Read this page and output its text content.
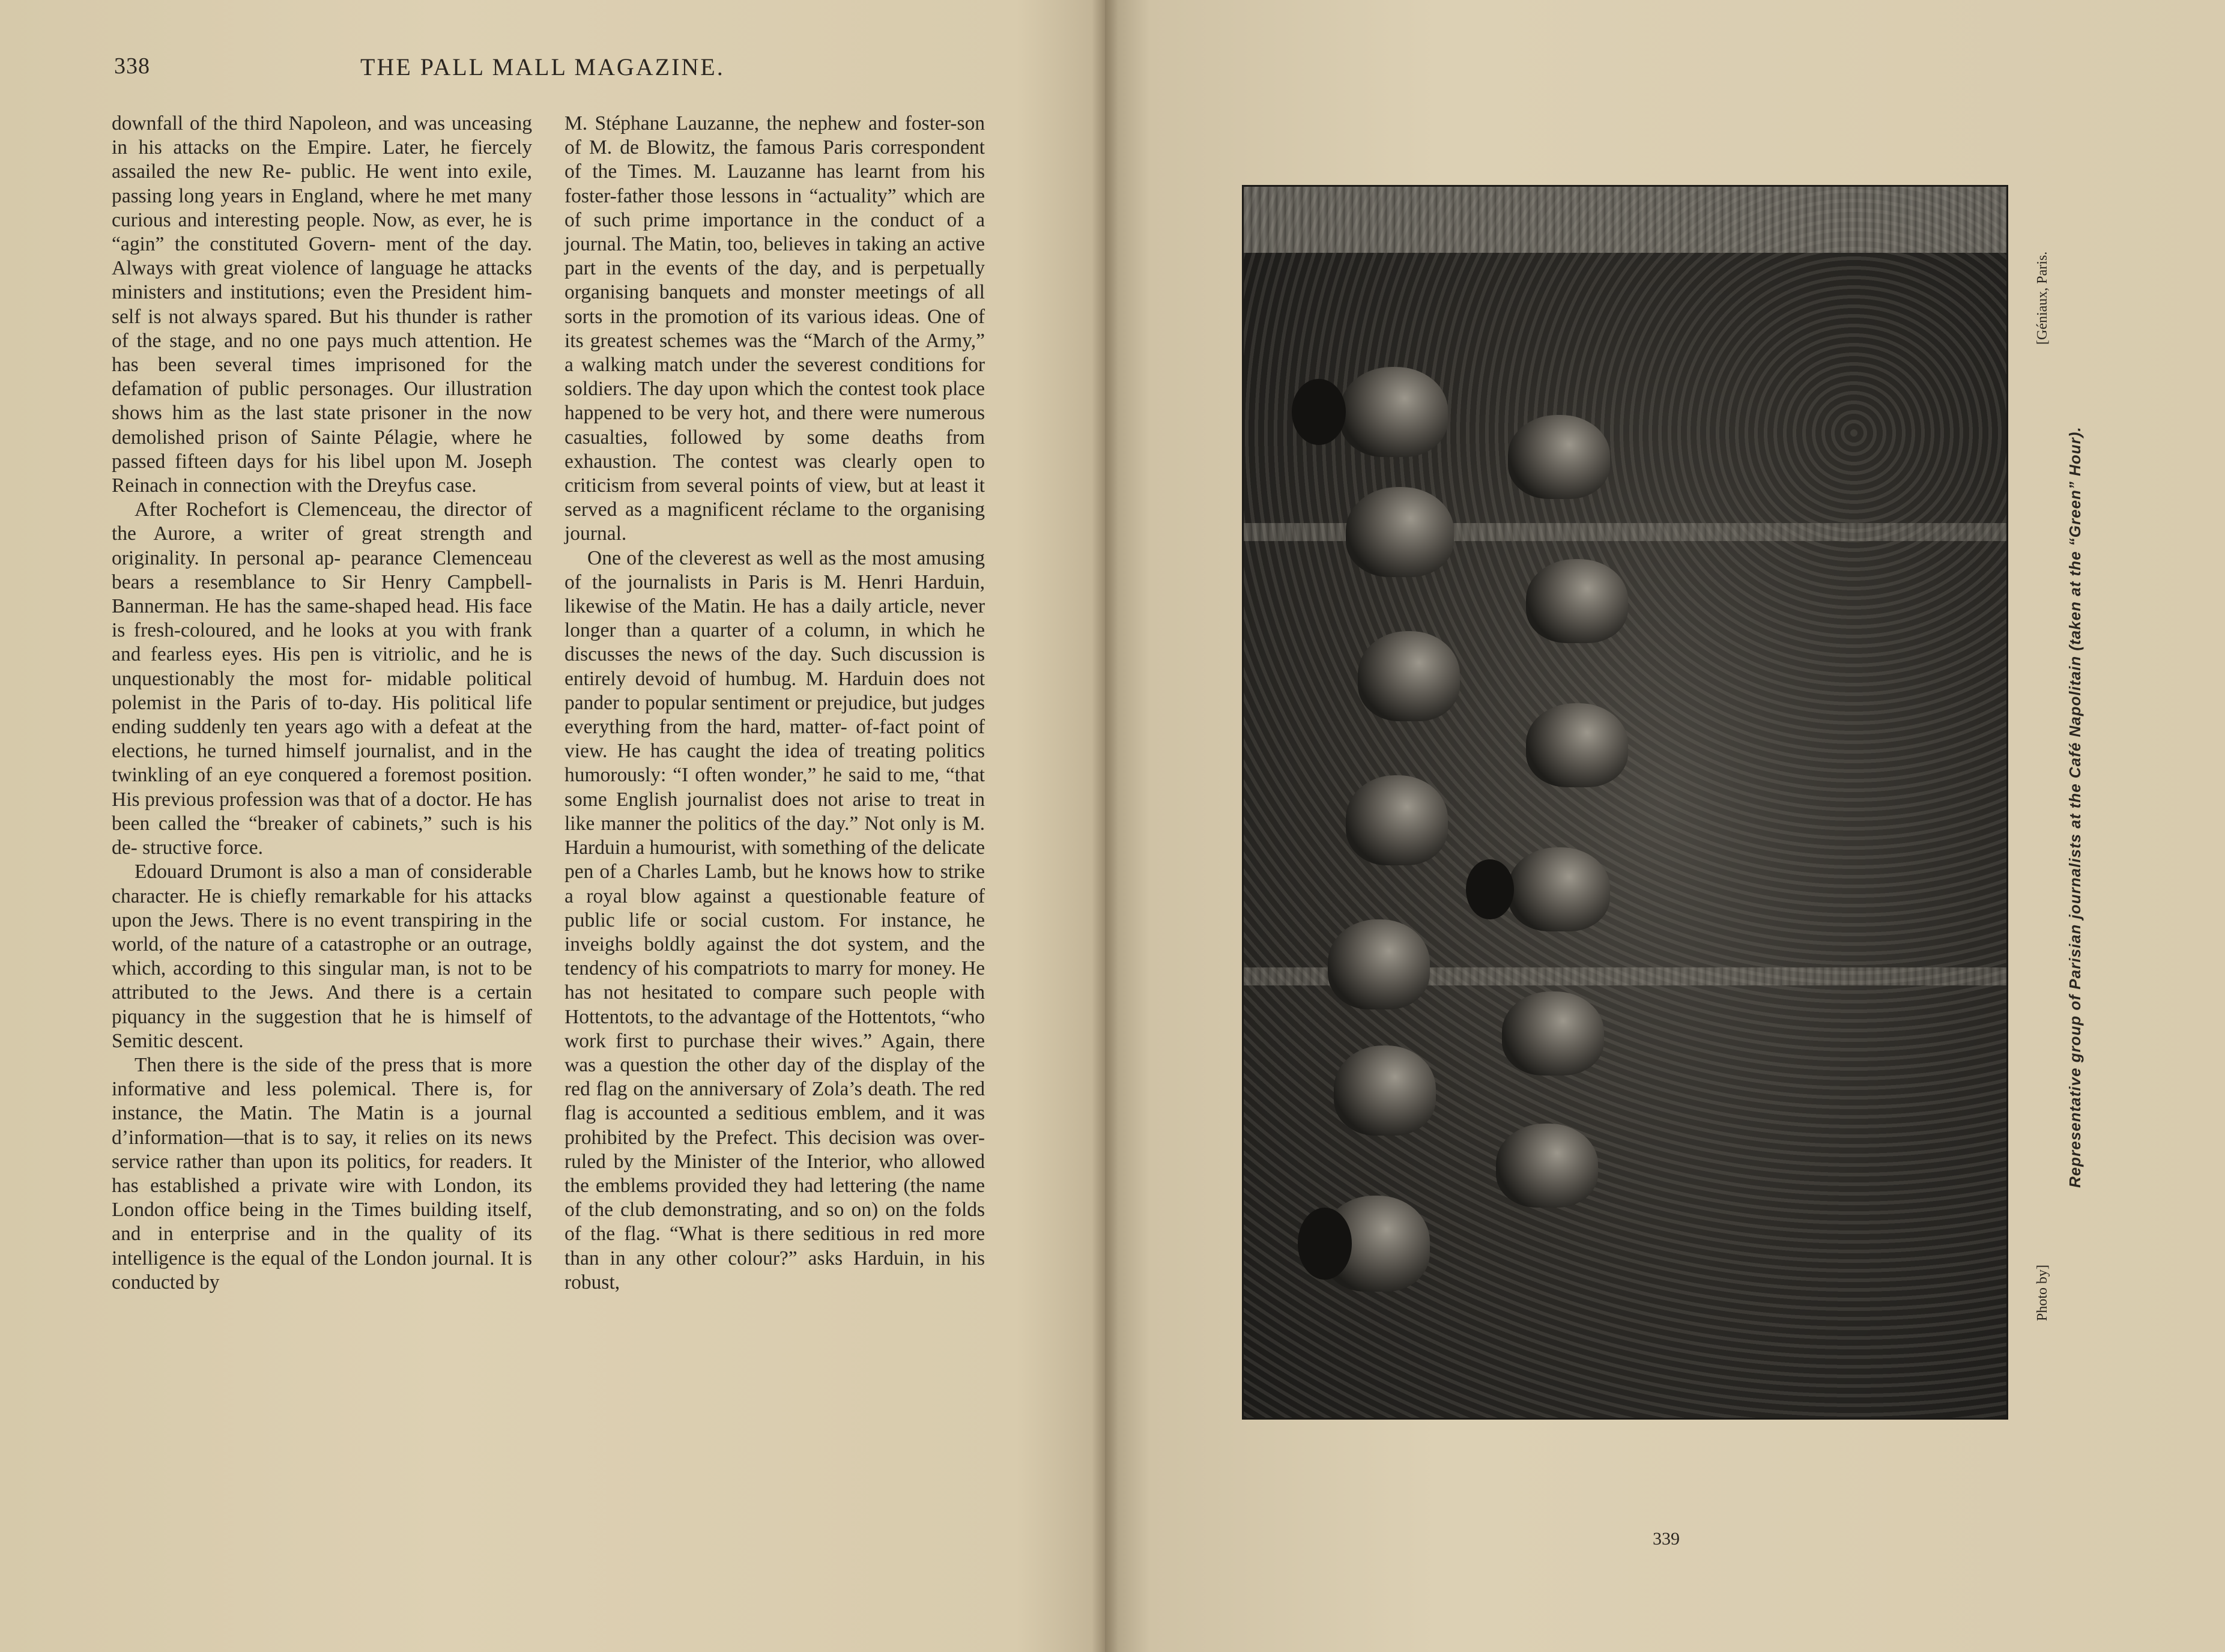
338	THE PALL MALL MAGAZINE.

downfall of the third Napoleon, and was unceasing in his attacks on the Empire. Later, he fiercely assailed the new Re- public. He went into exile, passing long years in England, where he met many curious and interesting people. Now, as ever, he is “agin” the constituted Govern- ment of the day. Always with great violence of language he attacks ministers and institutions; even the President him- self is not always spared. But his thunder is rather of the stage, and no one pays much attention. He has been several times imprisoned for the defamation of public personages. Our illustration shows him as the last state prisoner in the now demolished prison of Sainte Pélagie, where he passed fifteen days for his libel upon M. Joseph Reinach in connection with the Dreyfus case.

After Rochefort is Clemenceau, the director of the Aurore, a writer of great strength and originality. In personal ap- pearance Clemenceau bears a resemblance to Sir Henry Campbell-Bannerman. He has the same-shaped head. His face is fresh-coloured, and he looks at you with frank and fearless eyes. His pen is vitriolic, and he is unquestionably the most for- midable political polemist in the Paris of to-day. His political life ending suddenly ten years ago with a defeat at the elections, he turned himself journalist, and in the twinkling of an eye conquered a foremost position. His previous profession was that of a doctor. He has been called the “breaker of cabinets,” such is his de- structive force.

Edouard Drumont is also a man of considerable character. He is chiefly remarkable for his attacks upon the Jews. There is no event transpiring in the world, of the nature of a catastrophe or an outrage, which, according to this singular man, is not to be attributed to the Jews. And there is a certain piquancy in the suggestion that he is himself of Semitic descent.

Then there is the side of the press that is more informative and less polemical. There is, for instance, the Matin. The Matin is a journal d’information—that is to say, it relies on its news service rather than upon its politics, for readers. It has established a private wire with London, its London office being in the Times building itself, and in enterprise and in the quality of its intelligence is the equal of the London journal. It is conducted by

M. Stéphane Lauzanne, the nephew and foster-son of M. de Blowitz, the famous Paris correspondent of the Times. M. Lauzanne has learnt from his foster-father those lessons in “actuality” which are of such prime importance in the conduct of a journal. The Matin, too, believes in taking an active part in the events of the day, and is perpetually organising banquets and monster meetings of all sorts in the promotion of its various ideas. One of its greatest schemes was the “March of the Army,” a walking match under the severest conditions for soldiers. The day upon which the contest took place happened to be very hot, and there were numerous casualties, followed by some deaths from exhaustion. The contest was clearly open to criticism from several points of view, but at least it served as a magnificent réclame to the organising journal.

One of the cleverest as well as the most amusing of the journalists in Paris is M. Henri Harduin, likewise of the Matin. He has a daily article, never longer than a quarter of a column, in which he discusses the news of the day. Such discussion is entirely devoid of humbug. M. Harduin does not pander to popular sentiment or prejudice, but judges everything from the hard, matter- of-fact point of view. He has caught the idea of treating politics humorously: “I often wonder,” he said to me, “that some English journalist does not arise to treat in like manner the politics of the day.” Not only is M. Harduin a humourist, with something of the delicate pen of a Charles Lamb, but he knows how to strike a royal blow against a questionable feature of public life or social custom. For instance, he inveighs boldly against the dot system, and the tendency of his compatriots to marry for money. He has not hesitated to compare such people with Hottentots, to the advantage of the Hottentots, “who work first to purchase their wives.” Again, there was a question the other day of the display of the red flag on the anniversary of Zola’s death. The red flag is accounted a seditious emblem, and it was prohibited by the Prefect. This decision was over-ruled by the Minister of the Interior, who allowed the emblems provided they had lettering (the name of the club demonstrating, and so on) on the folds of the flag. “What is there seditious in red more than in any other colour?” asks Harduin, in his robust,

Representative group of Parisian journalists at the Café Napolitain (taken at the “Green” Hour).
Photo by]
[Géniaux, Paris.
339
